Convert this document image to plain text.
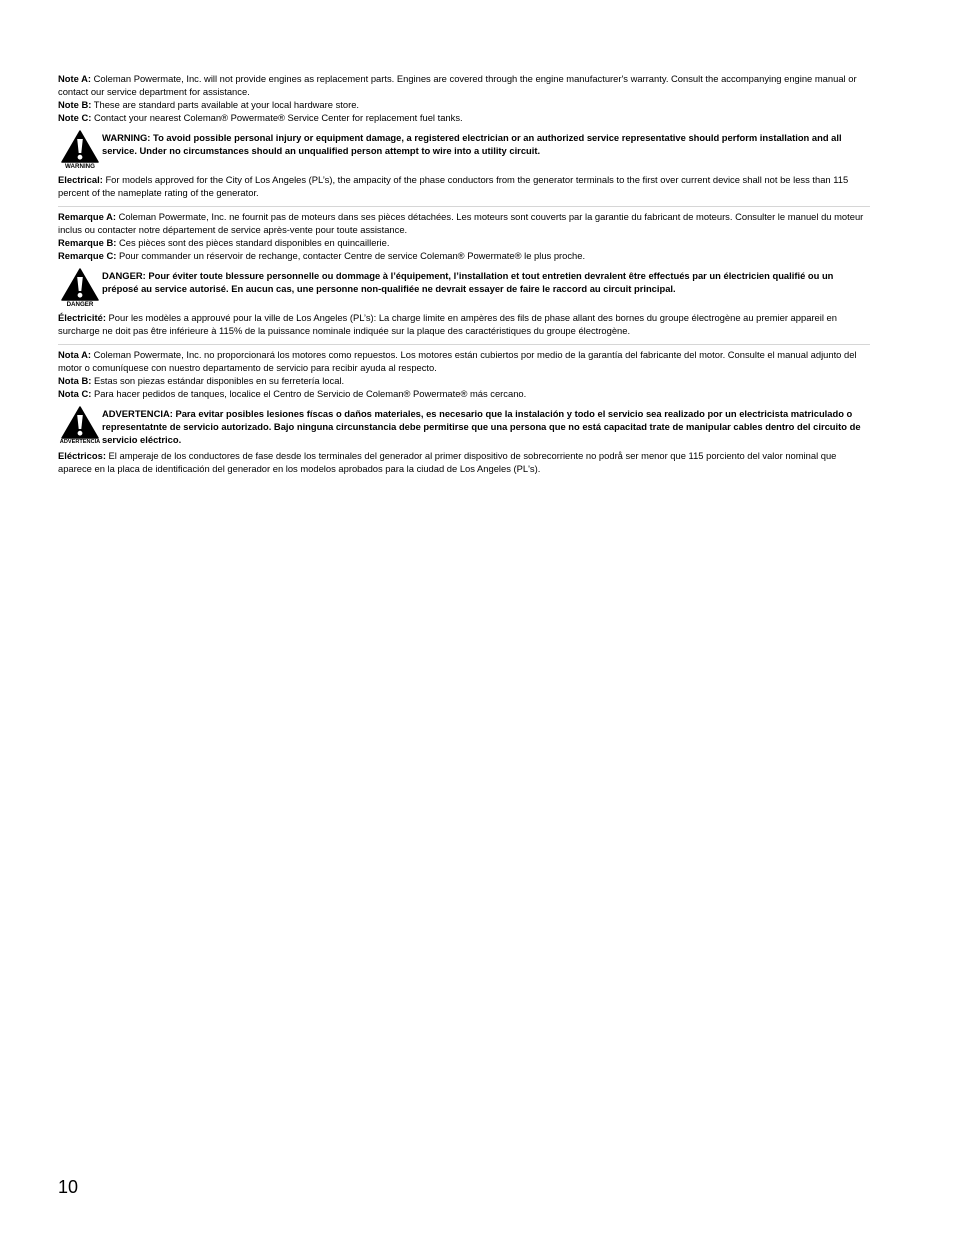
Note A: Coleman Powermate, Inc. will not provide engines as replacement parts. Engines are covered through the engine manufacturer's warranty. Consult the accompanying engine manual or contact our service department for assistance.

Note B: These are standard parts available at your local hardware store.

Note C: Contact your nearest Coleman® Powermate® Service Center for replacement fuel tanks.

WARNING
WARNING: To avoid possible personal injury or equipment damage, a registered electrician or an authorized service representative should perform installation and all service. Under no circumstances should an unqualified person attempt to wire into a utility circuit.

Electrical: For models approved for the City of Los Angeles (PL’s), the ampacity of the phase conductors from the generator terminals to the first over current device shall not be less than 115 percent of the nameplate rating of the generator.

Remarque A: Coleman Powermate, Inc. ne fournit pas de moteurs dans ses pièces détachées. Les moteurs sont couverts par la garantie du fabricant de moteurs. Consulter le manuel du moteur inclus ou contacter notre département de service après-vente pour toute assistance.

Remarque B: Ces pièces sont des pièces standard disponibles en quincaillerie.

Remarque C: Pour commander un réservoir de rechange, contacter Centre de service Coleman® Powermate® le plus proche.

DANGER
DANGER: Pour éviter toute blessure personnelle ou dommage à l’équipement, l’installation et tout entretien devralent être effectués par un électricien qualifié ou un préposé au service autorisé. En aucun cas, une personne non-qualifiée ne devrait essayer de faire le raccord au circuit principal.

Électricité: Pour les modèles a approuvé pour la ville de Los Angeles (PL’s): La charge limite en ampères des fils de phase allant des bornes du groupe électrogène au premier appareil en surcharge ne doit pas être inférieure à 115% de la puissance nominale indiquée sur la plaque des caractéristiques du groupe électrogène.

Nota A: Coleman Powermate, Inc. no proporcionará los motores como repuestos. Los motores están cubiertos por medio de la garantía del fabricante del motor. Consulte el manual adjunto del motor o comuníquese con nuestro departamento de servicio para recibir ayuda al respecto.

Nota B: Estas son piezas estándar disponibles en su ferretería local.

Nota C: Para hacer pedidos de tanques, localice el Centro de Servicio de Coleman® Powermate® más cercano.

ADVERTENCIA
ADVERTENCIA: Para evitar posibles lesiones físcas o daños materiales, es necesario que la instalación y todo el servicio sea realizado por un electricista matriculado o representatnte de servicio autorizado. Bajo ninguna circunstancia debe permitirse que una persona que no está capacitad trate de manipular cables dentro del circuito de servicio eléctrico.

Eléctricos: El amperaje de los conductores de fase desde los terminales del generador al primer dispositivo de sobrecorriente no podrå ser menor que 115 porciento del valor nominal que aparece en la placa de identificación del generador en los modelos aprobados para la ciudad de Los Angeles (PL's).

10
